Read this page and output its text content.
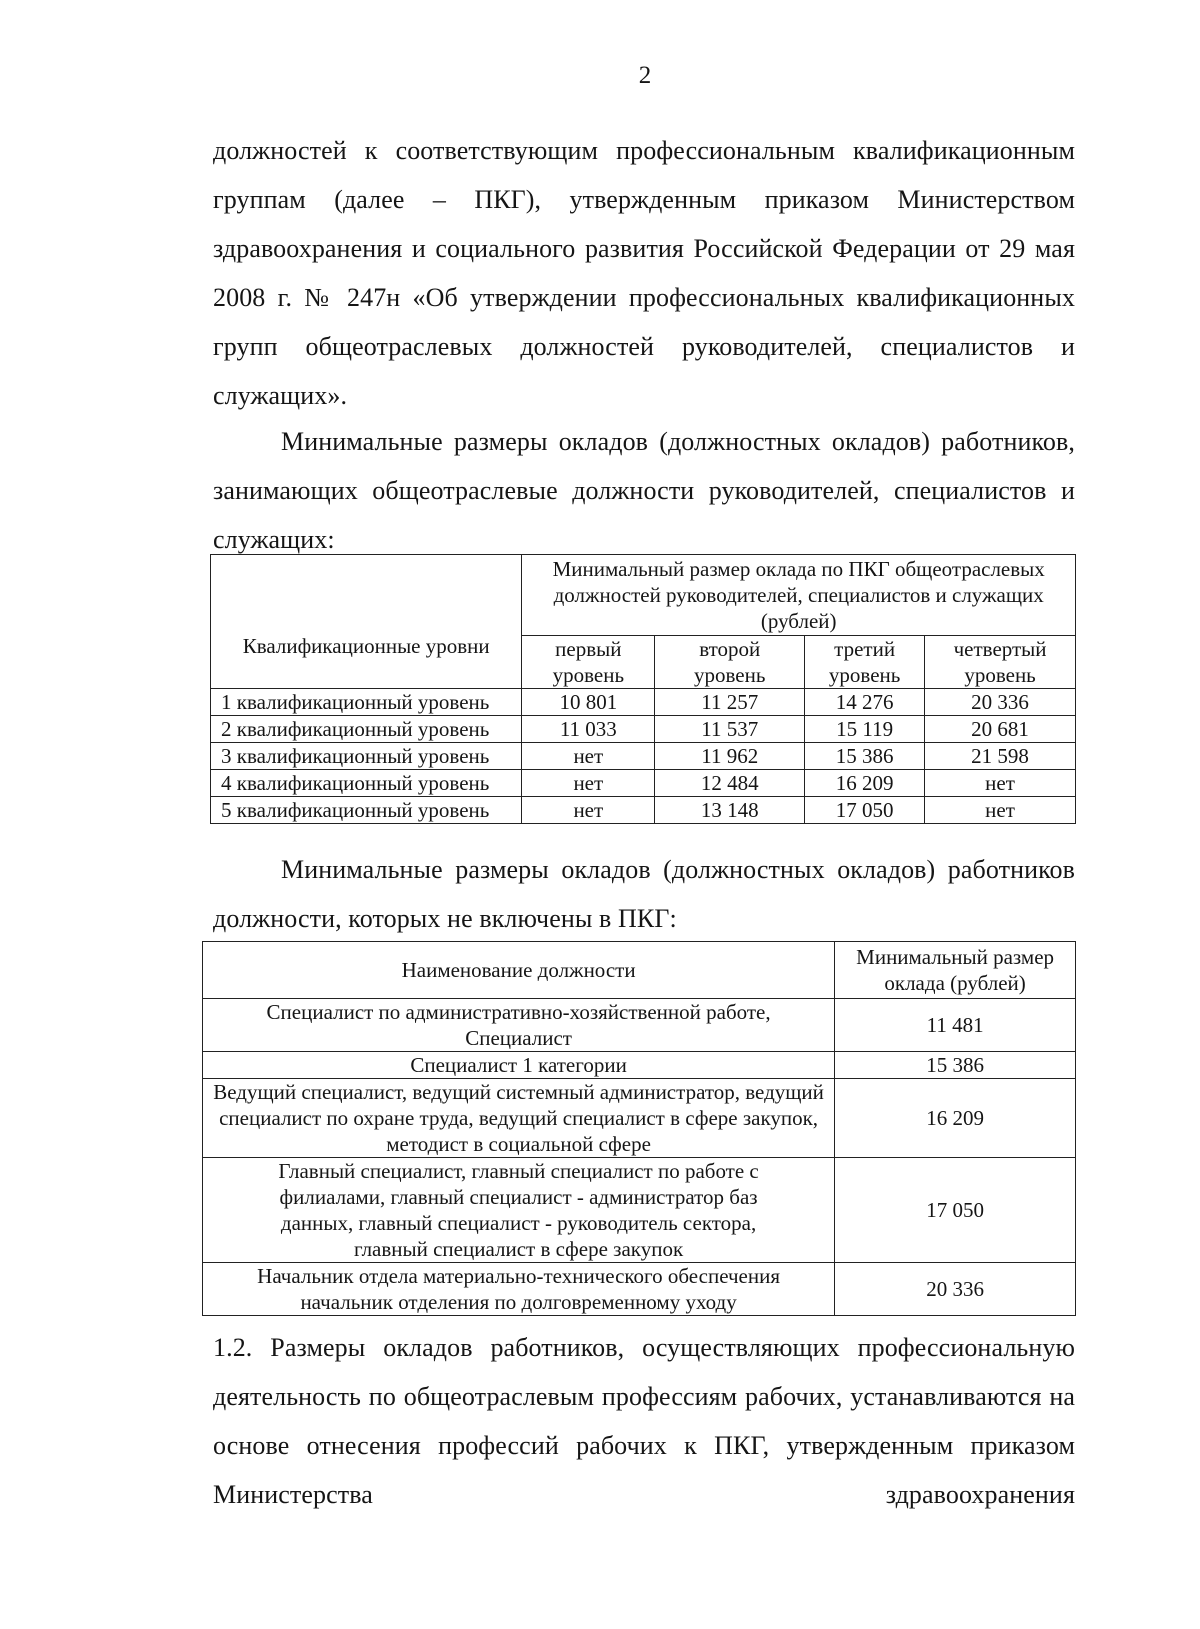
2
должностей к соответствующим профессиональным квалификационным группам (далее – ПКГ), утвержденным приказом Министерством здравоохранения и социального развития Российской Федерации от 29 мая 2008 г. № 247н «Об утверждении профессиональных квалификационных групп общеотраслевых должностей руководителей, специалистов и служащих».
Минимальные размеры окладов (должностных окладов) работников, занимающих общеотраслевые должности руководителей, специалистов и служащих:
Квалификационные уровни	Минимальный размер оклада по ПКГ общеотраслевых должностей руководителей, специалистов и служащих (рублей)			
	первый уровень	второй уровень	третий уровень	четвертый уровень
1 квалификационный уровень	10 801	11 257	14 276	20 336
2 квалификационный уровень	11 033	11 537	15 119	20 681
3 квалификационный уровень	нет	11 962	15 386	21 598
4 квалификационный уровень	нет	12 484	16 209	нет
5 квалификационный уровень	нет	13 148	17 050	нет
Минимальные размеры окладов (должностных окладов) работников должности, которых не включены в ПКГ:
Наименование должности	Минимальный размер оклада (рублей)
Специалист по административно-хозяйственной работе, Специалист	11 481
Специалист 1 категории	15 386
Ведущий специалист, ведущий системный администратор, ведущий специалист по охране труда, ведущий специалист в сфере закупок, методист в социальной сфере	16 209
Главный специалист, главный специалист по работе с филиалами, главный специалист - администратор баз данных, главный специалист - руководитель сектора, главный специалист в сфере закупок	17 050
Начальник отдела материально-технического обеспечения начальник отделения по долговременному уходу	20 336
1.2. Размеры окладов работников, осуществляющих профессиональную деятельность по общеотраслевым профессиям рабочих, устанавливаются на основе отнесения профессий рабочих к ПКГ, утвержденным приказом Министерства здравоохранения
